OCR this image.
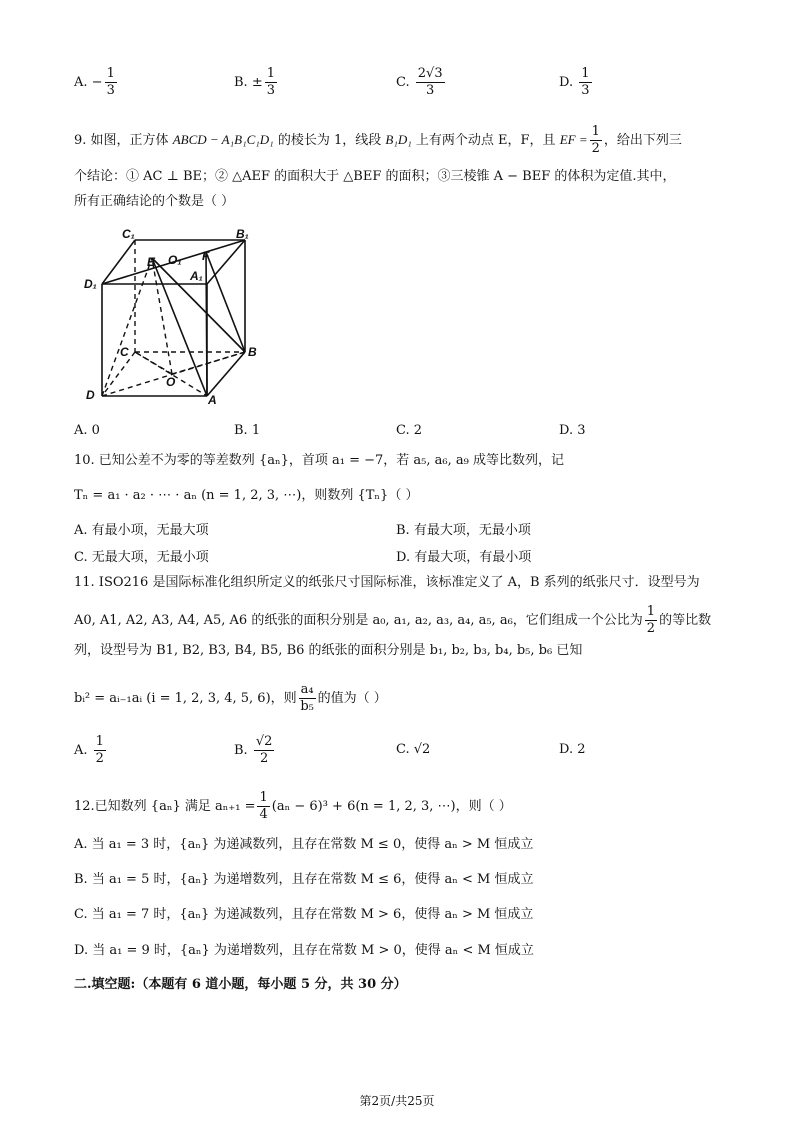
A. − $\frac{1}{3}$	B. ± $\frac{1}{3}$	C. $\frac{2√3}{3}$	D. $\frac{1}{3}$
9. 如图，正方体 ABCD − A₁B₁C₁D₁ 的棱长为 1，线段 B₁D₁ 上有两个动点 E，F，且 EF = $\frac{1}{2}$ ，给出下列三
个结论：① AC ⊥ BE；② △AEF 的面积大于 △BEF 的面积；③三棱锥 A − BEF 的体积为定值.其中，
所有正确结论的个数是（ ）
C₁	B₁
E O₁ F
A₁
D₁
C	B
O
D	A
A. 0	B. 1	C. 2	D. 3
10. 已知公差不为零的等差数列 {aₙ}，首项 a₁ = −7，若 a₅, a₆, a₉ 成等比数列，记
Tₙ = a₁ · a₂ · ⋯ · aₙ (n = 1, 2, 3, ⋯)，则数列 {Tₙ}（ ）
A. 有最小项，无最大项	B. 有最大项，无最小项
C. 无最大项，无最小项	D. 有最大项，有最小项
11. ISO216 是国际标准化组织所定义的纸张尺寸国际标准，该标准定义了 A，B 系列的纸张尺寸．设型号为
A0, A1, A2, A3, A4, A5, A6 的纸张的面积分别是 a₀, a₁, a₂, a₃, a₄, a₅, a₆，它们组成一个公比为 $\frac{1}{2}$ 的等比数
列，设型号为 B1, B2, B3, B4, B5, B6 的纸张的面积分别是 b₁, b₂, b₃, b₄, b₅, b₆ 已知
bᵢ² = aᵢ₋₁aᵢ (i = 1, 2, 3, 4, 5, 6)，则 $\frac{\text{a₄}}{\text{b₅}}$ 的值为（ ）
A. $\frac{1}{2}$	B. $\frac{√2}{2}$	C. √2	D. 2
12.已知数列 {aₙ} 满足 $a_{n+1} = \frac{1}{4} (a_n - 6)^3 + 6(n = 1$, 2, 3, ⋯)，则（ ）
A. 当 a₁ = 3 时，{aₙ} 为递减数列，且存在常数 M ≤ 0，使得 aₙ > M 恒成立
B. 当 a₁ = 5 时，{aₙ} 为递增数列，且存在常数 M ≤ 6，使得 aₙ < M 恒成立
C. 当 a₁ = 7 时，{aₙ} 为递减数列，且存在常数 M > 6，使得 aₙ > M 恒成立
D. 当 a₁ = 9 时，{aₙ} 为递增数列，且存在常数 M > 0，使得 aₙ < M 恒成立
二.填空题:（本题有 6 道小题，每小题 5 分，共 30 分）
第2页/共25页
